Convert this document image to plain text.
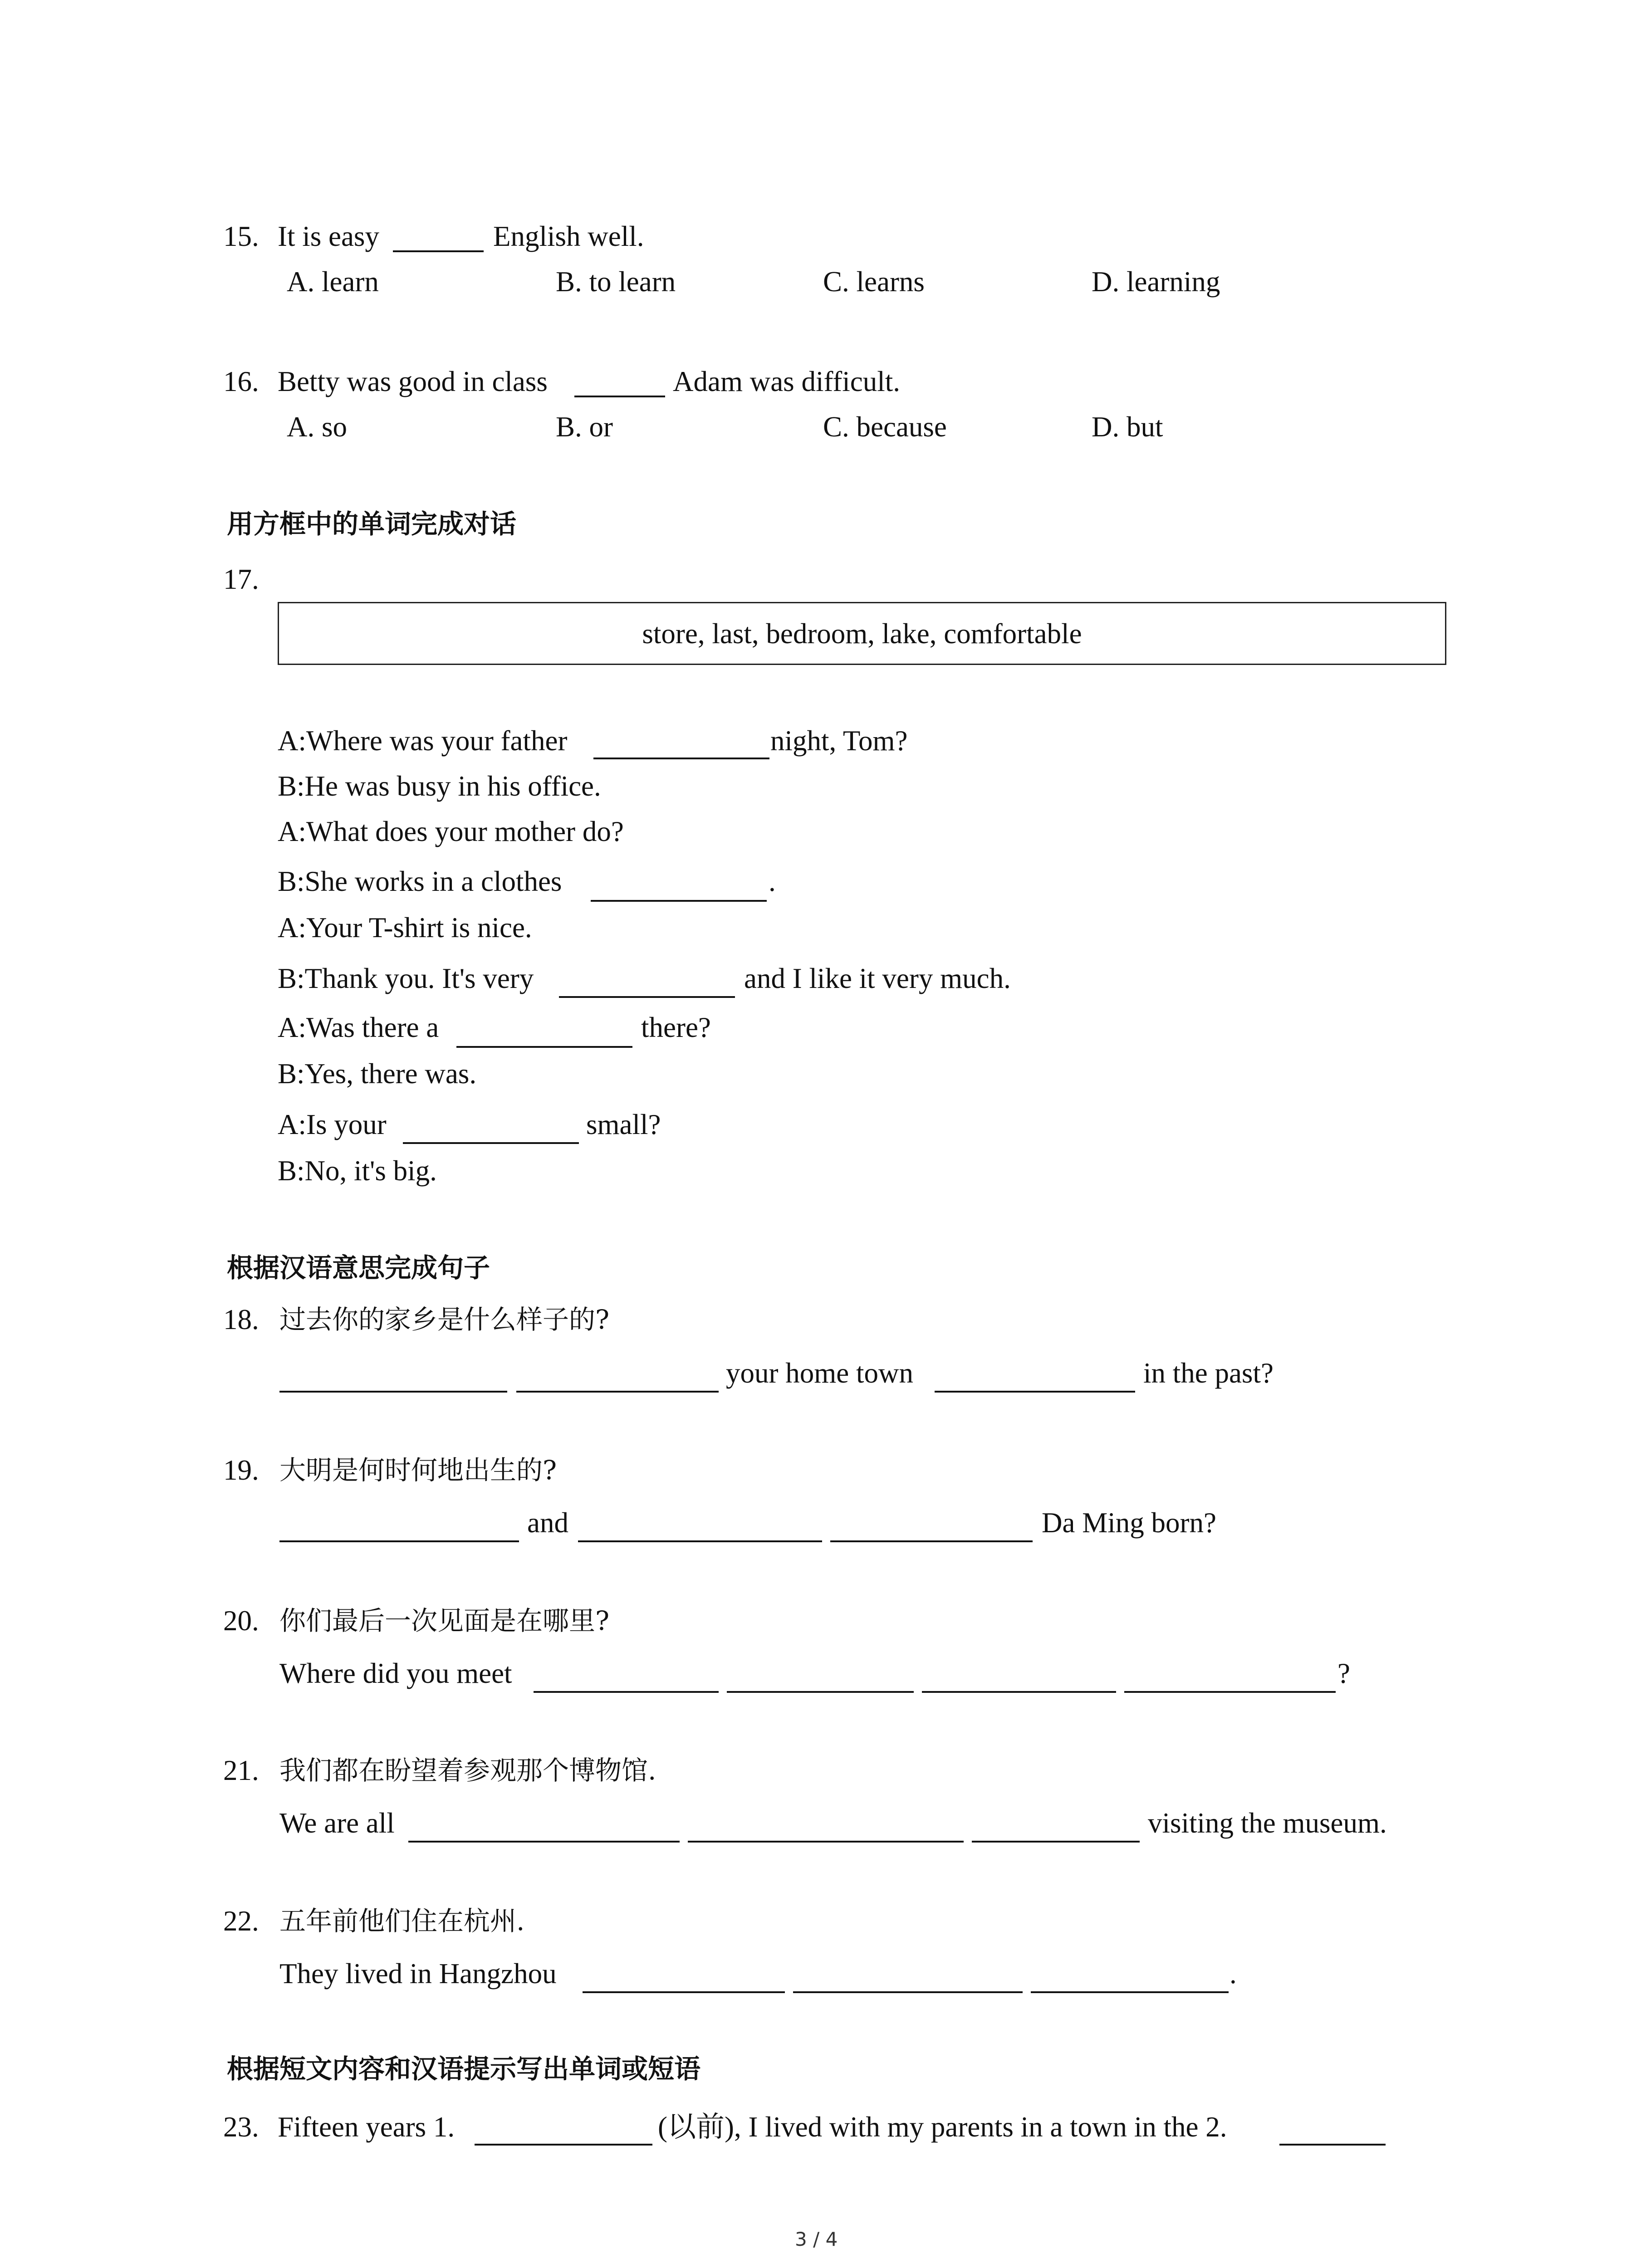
15. It is easy	English well.
A. learn	B. to learn	C. learns	D. learning
16. Betty was good in class	Adam was difficult.
A. so	B. or	C. because	D. but
用方框中的单词完成对话
17.
store, last, bedroom, lake, comfortable
A:Where was your father	night, Tom?
B:He was busy in his office.
A:What does your mother do?
B:She works in a clothes	.
A:Your T-shirt is nice.
B:Thank you. It's very	and I like it very much.
A:Was there a	there?
B:Yes, there was.
A:Is your	small?
B:No, it's big.
根据汉语意思完成句子
18. 过去你的家乡是什么样子的?
your home town	in the past?
19. 大明是何时何地出生的?
and	Da Ming born?
20. 你们最后一次见面是在哪里?
Where did you meet	?
21. 我们都在盼望着参观那个博物馆.
We are all	visiting the museum.
22. 五年前他们住在杭州.
They lived in Hangzhou	.
根据短文内容和汉语提示写出单词或短语
23. Fifteen years 1.	(以前), I lived with my parents in a town in the 2.
3 / 4
